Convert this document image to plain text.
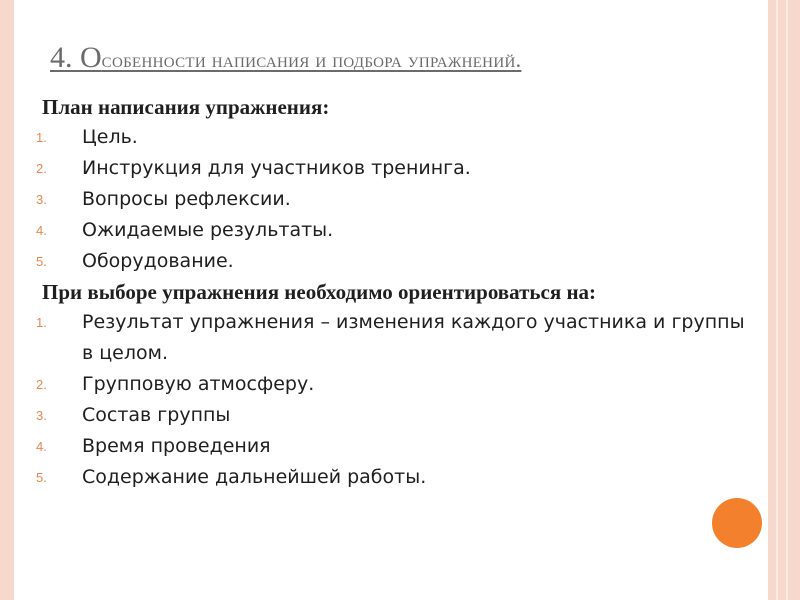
4. Особенности написания и подбора упражнений.
План написания упражнения:
1. Цель.
2. Инструкция для участников тренинга.
3. Вопросы рефлексии.
4. Ожидаемые результаты.
5. Оборудование.
При выборе упражнения необходимо ориентироваться на:
1. Результат упражнения – изменения каждого участника и группы в целом.
2. Групповую атмосферу.
3. Состав группы
4. Время проведения
5. Содержание дальнейшей работы.
